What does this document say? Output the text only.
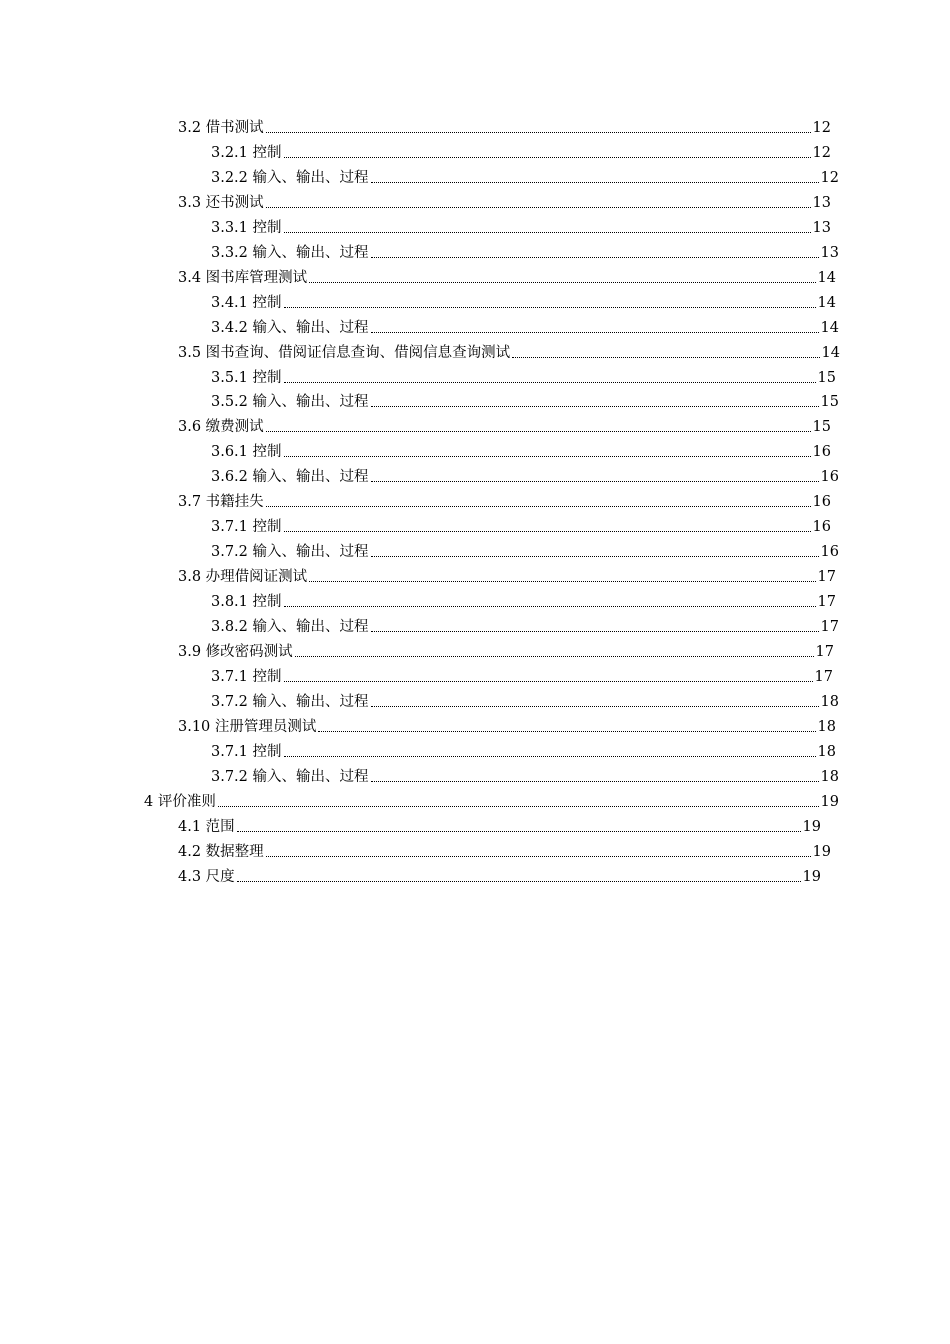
3.2 借书测试	12
3.2.1 控制	12
3.2.2 输入、输出、过程	12
3.3 还书测试	13
3.3.1 控制	13
3.3.2 输入、输出、过程	13
3.4 图书库管理测试	14
3.4.1 控制	14
3.4.2 输入、输出、过程	14
3.5 图书查询、借阅证信息查询、借阅信息查询测试	14
3.5.1 控制	15
3.5.2 输入、输出、过程	15
3.6 缴费测试	15
3.6.1 控制	16
3.6.2 输入、输出、过程	16
3.7 书籍挂失	16
3.7.1 控制	16
3.7.2 输入、输出、过程	16
3.8 办理借阅证测试	17
3.8.1 控制	17
3.8.2 输入、输出、过程	17
3.9 修改密码测试	17
3.7.1 控制	17
3.7.2 输入、输出、过程	18
3.10 注册管理员测试	18
3.7.1 控制	18
3.7.2 输入、输出、过程	18
4 评价准则	19
4.1 范围	19
4.2 数据整理	19
4.3 尺度	19
